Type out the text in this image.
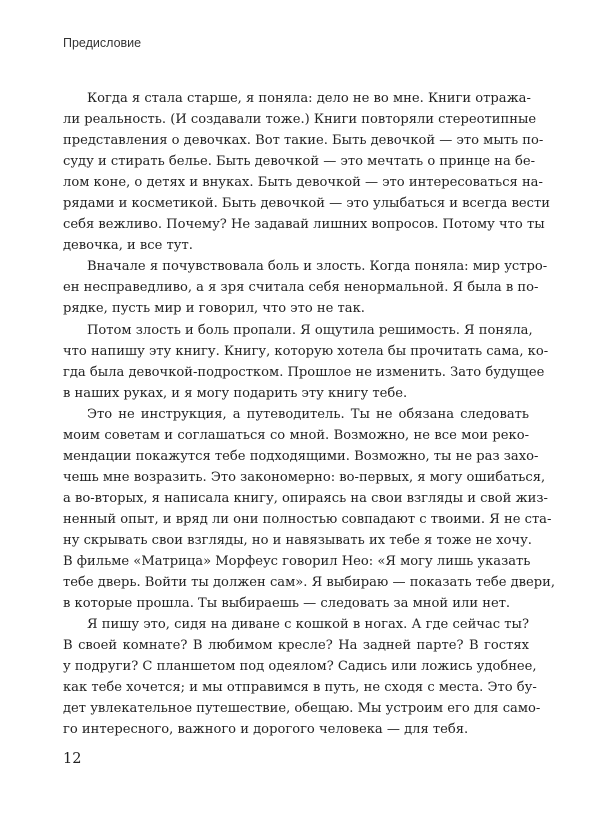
Предисловие
Когда я стала старше, я поняла: дело не во мне. Книги отража-
ли реальность. (И создавали тоже.) Книги повторяли стереотипные
представления о девочках. Вот такие. Быть девочкой — это мыть по-
суду и стирать белье. Быть девочкой — это мечтать о принце на бе-
лом коне, о детях и внуках. Быть девочкой — это интересоваться на-
рядами и косметикой. Быть девочкой — это улыбаться и всегда вести
себя вежливо. Почему? Не задавай лишних вопросов. Потому что ты
девочка, и все тут.
Вначале я почувствовала боль и злость. Когда поняла: мир устро-
ен несправедливо, а я зря считала себя ненормальной. Я была в по-
рядке, пусть мир и говорил, что это не так.
Потом злость и боль пропали. Я ощутила решимость. Я поняла,
что напишу эту книгу. Книгу, которую хотела бы прочитать сама, ко-
гда была девочкой-подростком. Прошлое не изменить. Зато будущее
в наших руках, и я могу подарить эту книгу тебе.
Это не инструкция, а путеводитель. Ты не обязана следовать
моим советам и соглашаться со мной. Возможно, не все мои реко-
мендации покажутся тебе подходящими. Возможно, ты не раз захо-
чешь мне возразить. Это закономерно: во-первых, я могу ошибаться,
а во-вторых, я написала книгу, опираясь на свои взгляды и свой жиз-
ненный опыт, и вряд ли они полностью совпадают с твоими. Я не ста-
ну скрывать свои взгляды, но и навязывать их тебе я тоже не хочу.
В фильме «Матрица» Морфеус говорил Нео: «Я могу лишь указать
тебе дверь. Войти ты должен сам». Я выбираю — показать тебе двери,
в которые прошла. Ты выбираешь — следовать за мной или нет.
Я пишу это, сидя на диване с кошкой в ногах. А где сейчас ты?
В своей комнате? В любимом кресле? На задней парте? В гостях
у подруги? С планшетом под одеялом? Садись или ложись удобнее,
как тебе хочется; и мы отправимся в путь, не сходя с места. Это бу-
дет увлекательное путешествие, обещаю. Мы устроим его для само-
го интересного, важного и дорогого человека — для тебя.
12
